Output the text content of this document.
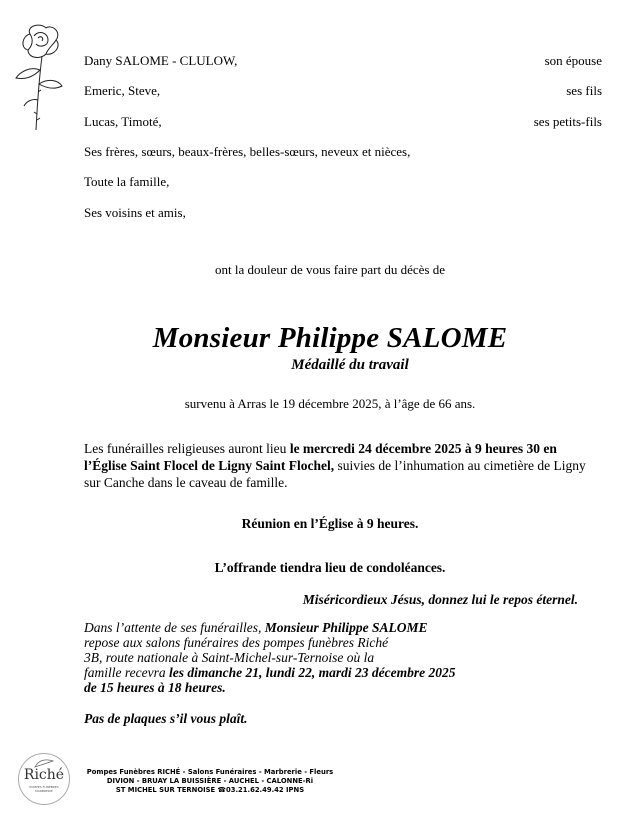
Dany SALOME - CLULOW,	son épouse
Emeric, Steve,	ses fils
Lucas, Timoté,	ses petits-fils
Ses frères, sœurs, beaux-frères, belles-sœurs, neveux et nièces,
Toute la famille,
Ses voisins et amis,
ont la douleur de vous faire part du décès de
Monsieur Philippe SALOME
Médaillé du travail
survenu à Arras le 19 décembre 2025, à l’âge de 66 ans.
Les funérailles religieuses auront lieu le mercredi 24 décembre 2025 à 9 heures 30 en l’Église Saint Flocel de Ligny Saint Flochel, suivies de l’inhumation au cimetière de Ligny sur Canche dans le caveau de famille.
Réunion en l’Église à 9 heures.
L’offrande tiendra lieu de condoléances.
Miséricordieux Jésus, donnez lui le repos éternel.
Dans l’attente de ses funérailles, Monsieur Philippe SALOME
repose aux salons funéraires des pompes funèbres Riché
3B, route nationale à Saint-Michel-sur-Ternoise où la
famille recevra les dimanche 21, lundi 22, mardi 23 décembre 2025
de 15 heures à 18 heures.
Pas de plaques s’il vous plaît.
Riché
POMPES FUNÈBRES MARBRERIE
Pompes Funèbres RICHÉ - Salons Funéraires - Marbrerie - Fleurs
DIVION - BRUAY LA BUISSIÈRE - AUCHEL - CALONNE-Ri
ST MICHEL SUR TERNOISE ☎03.21.62.49.42 IPNS
